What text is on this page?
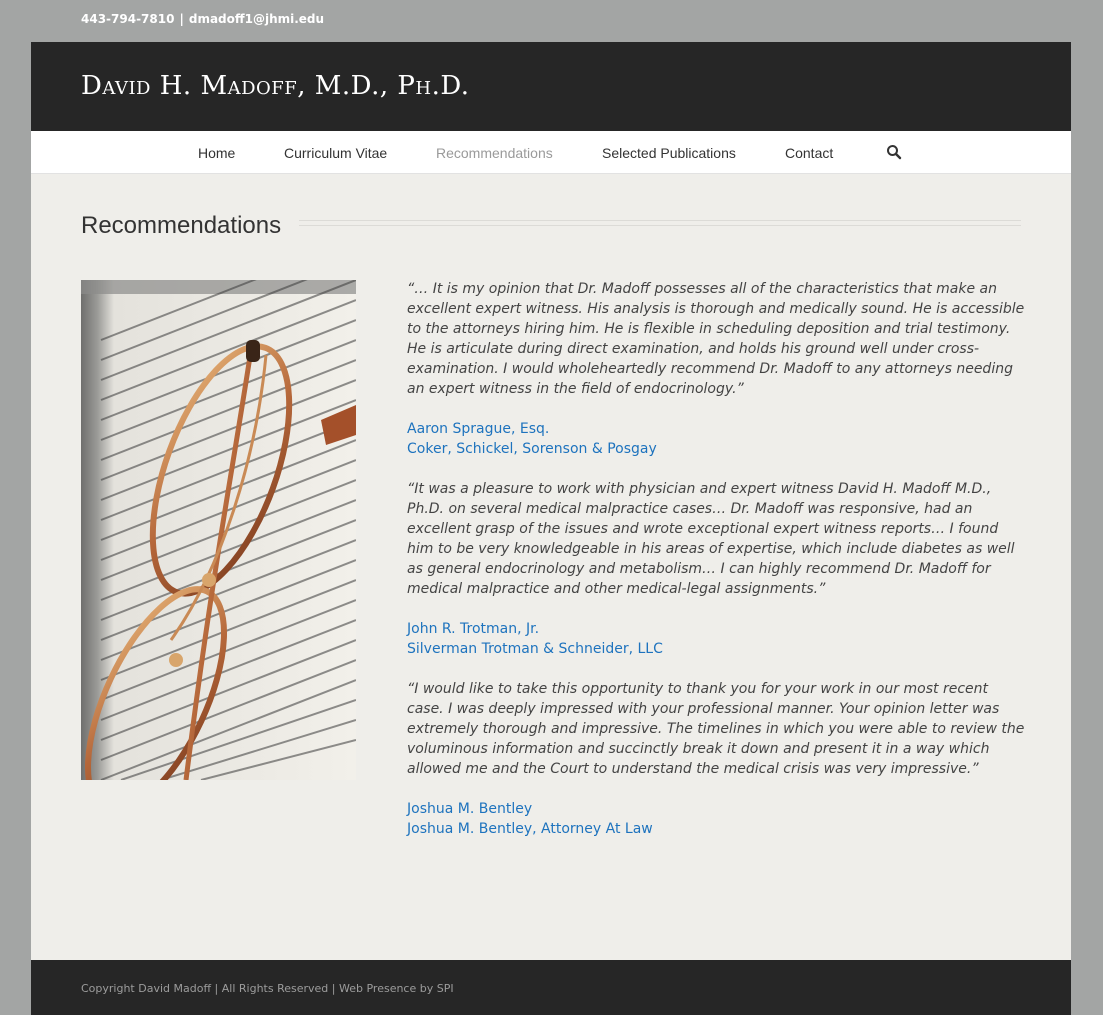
443-794-7810 | dmadoff1@jhmi.edu
David H. Madoff, M.D., Ph.D.
Home	Curriculum Vitae	Recommendations	Selected Publications	Contact
Recommendations

“… It is my opinion that Dr. Madoff possesses all of the characteristics that make an excellent expert witness. His analysis is thorough and medically sound. He is accessible to the attorneys hiring him. He is flexible in scheduling deposition and trial testimony. He is articulate during direct examination, and holds his ground well under cross-examination. I would wholeheartedly recommend Dr. Madoff to any attorneys needing an expert witness in the field of endocrinology.”

Aaron Sprague, Esq.
Coker, Schickel, Sorenson & Posgay

“It was a pleasure to work with physician and expert witness David H. Madoff M.D., Ph.D. on several medical malpractice cases… Dr. Madoff was responsive, had an excellent grasp of the issues and wrote exceptional expert witness reports… I found him to be very knowledgeable in his areas of expertise, which include diabetes as well as general endocrinology and metabolism… I can highly recommend Dr. Madoff for medical malpractice and other medical-legal assignments.”

John R. Trotman, Jr.
Silverman Trotman & Schneider, LLC

“I would like to take this opportunity to thank you for your work in our most recent case. I was deeply impressed with your professional manner. Your opinion letter was extremely thorough and impressive. The timelines in which you were able to review the voluminous information and succinctly break it down and present it in a way which allowed me and the Court to understand the medical crisis was very impressive.”

Joshua M. Bentley
Joshua M. Bentley, Attorney At Law
Copyright David Madoff | All Rights Reserved | Web Presence by SPI
